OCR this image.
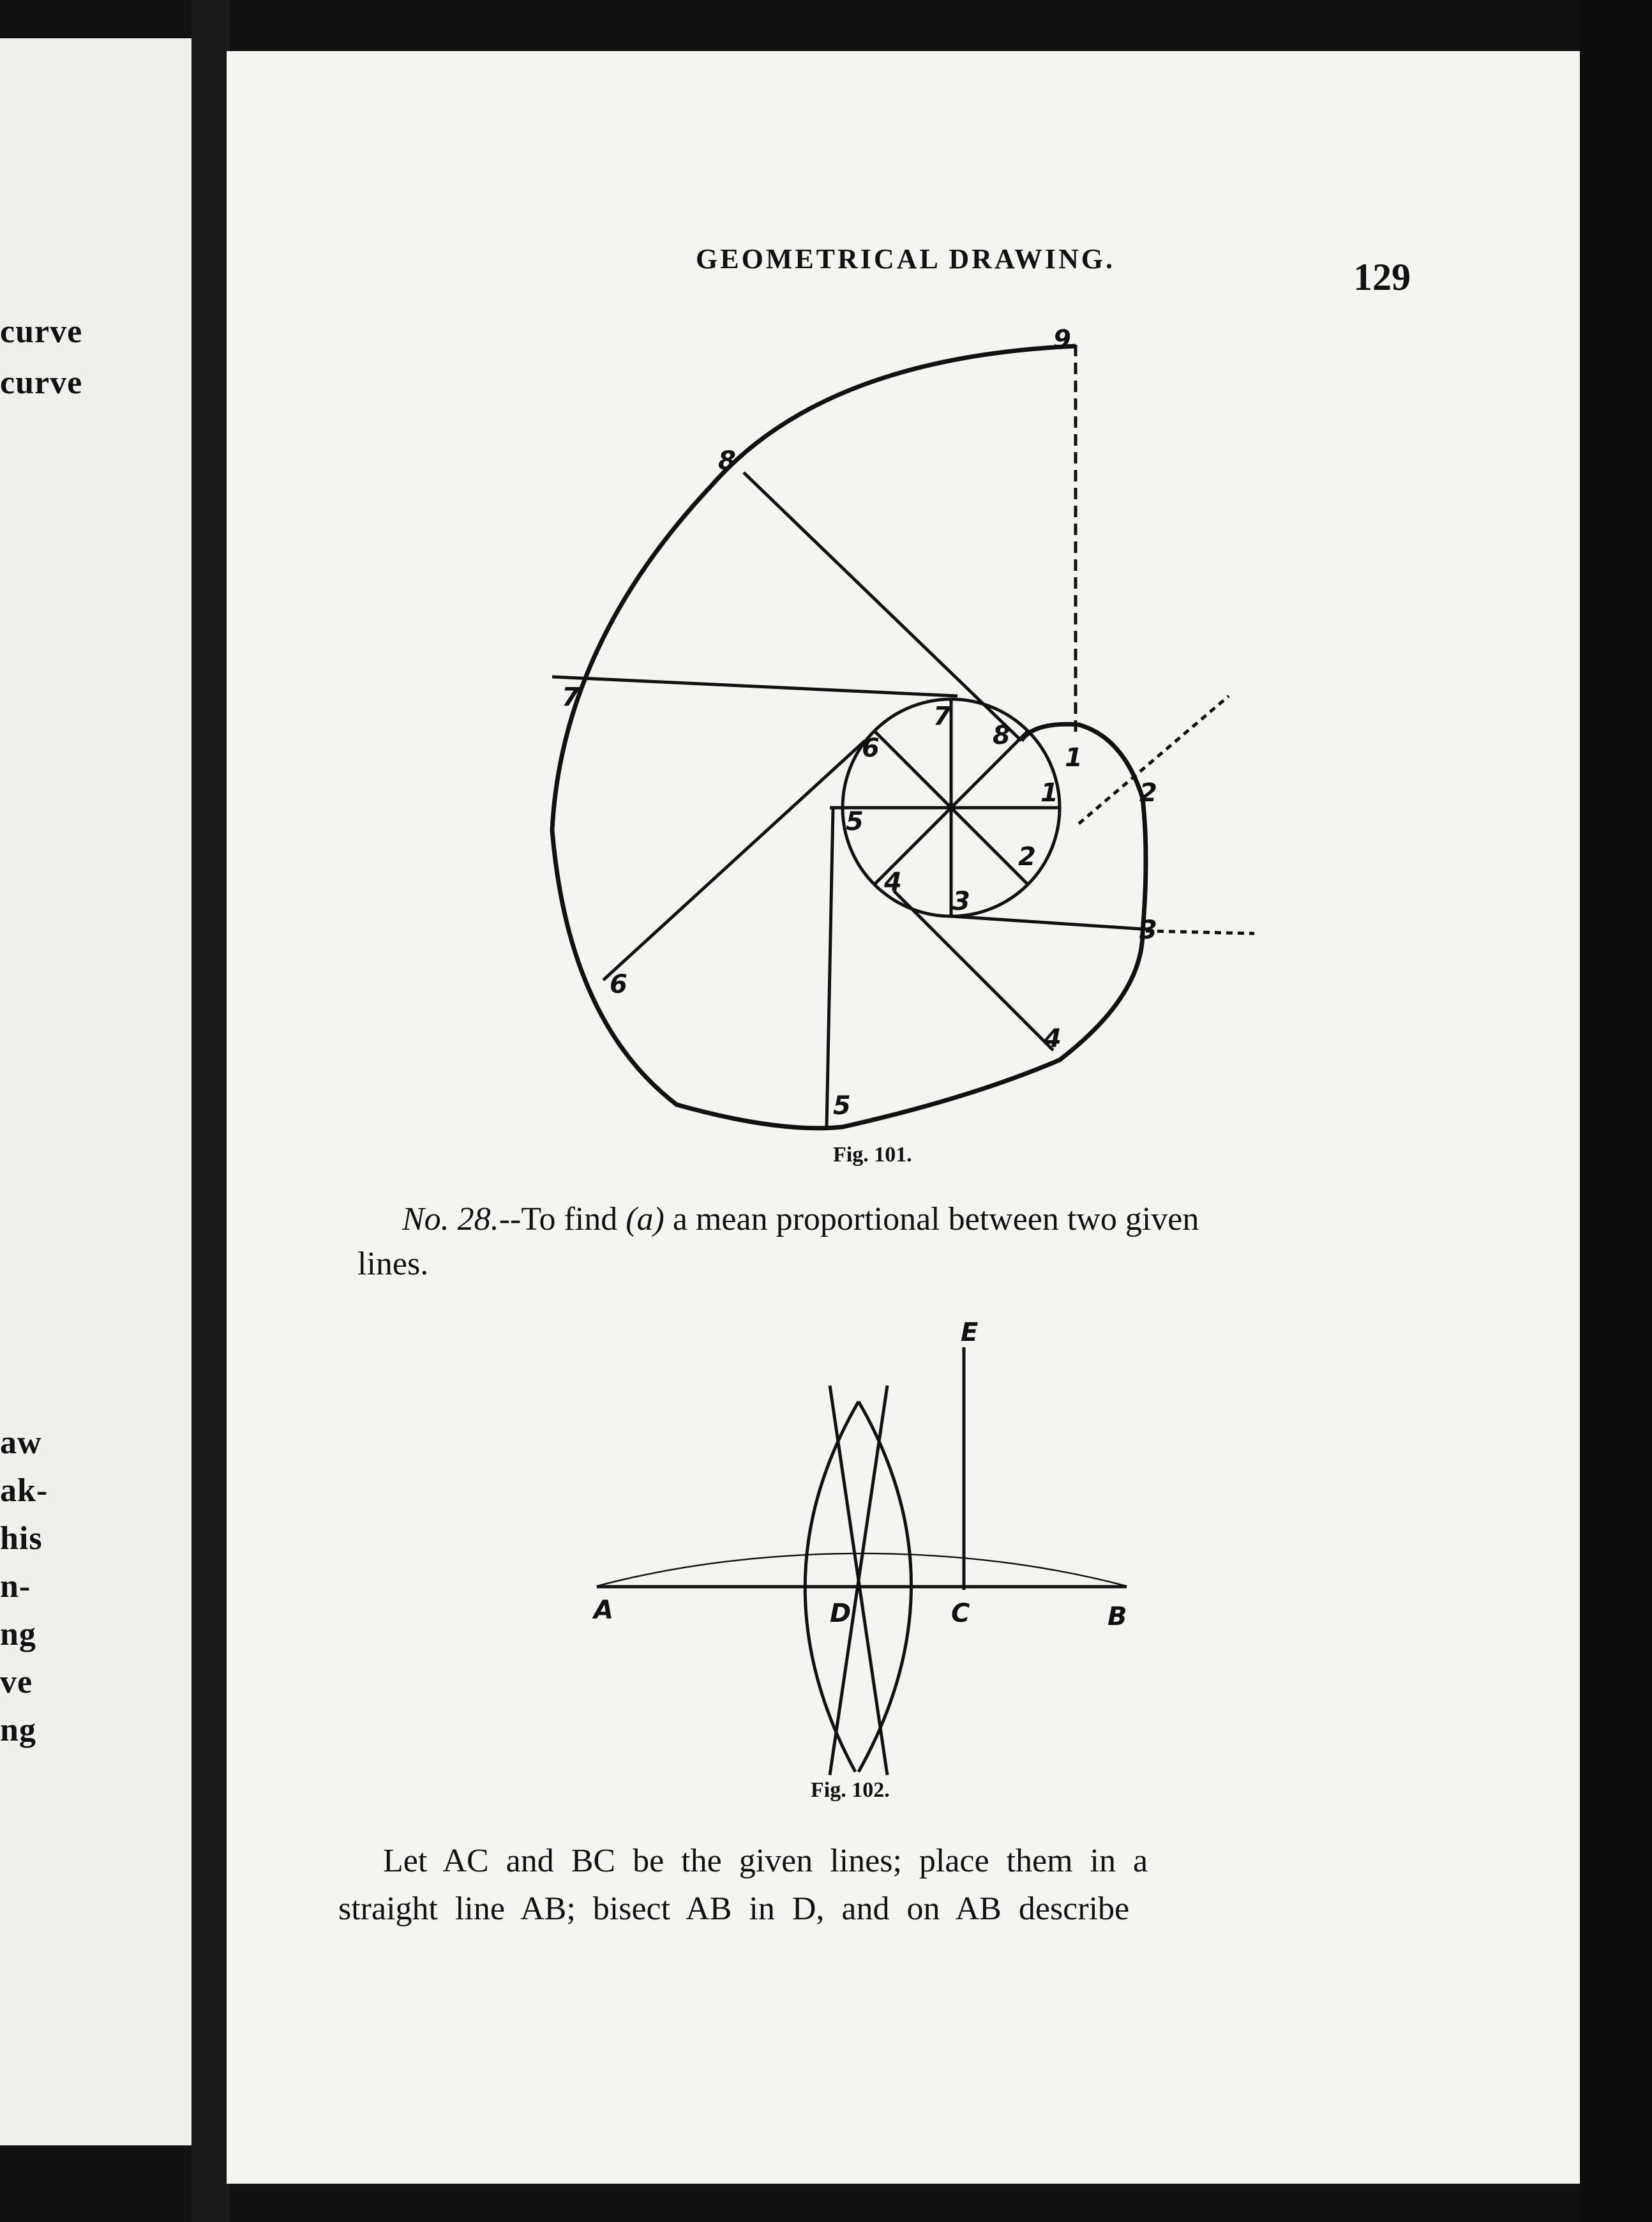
curve
curve
aw
ak-
his
n-
ng
ve
ng
GEOMETRICAL DRAWING.	129
7
8
9
6
5
4
3
2
1
1
2
3
4
5
6
7
8
A	D	C	B
E
Fig. 101.
No. 28.--To find (a) a mean proportional between two given
lines.
Fig. 102.
Let AC and BC be the given lines; place them in a
straight line AB; bisect AB in D, and on AB describe
